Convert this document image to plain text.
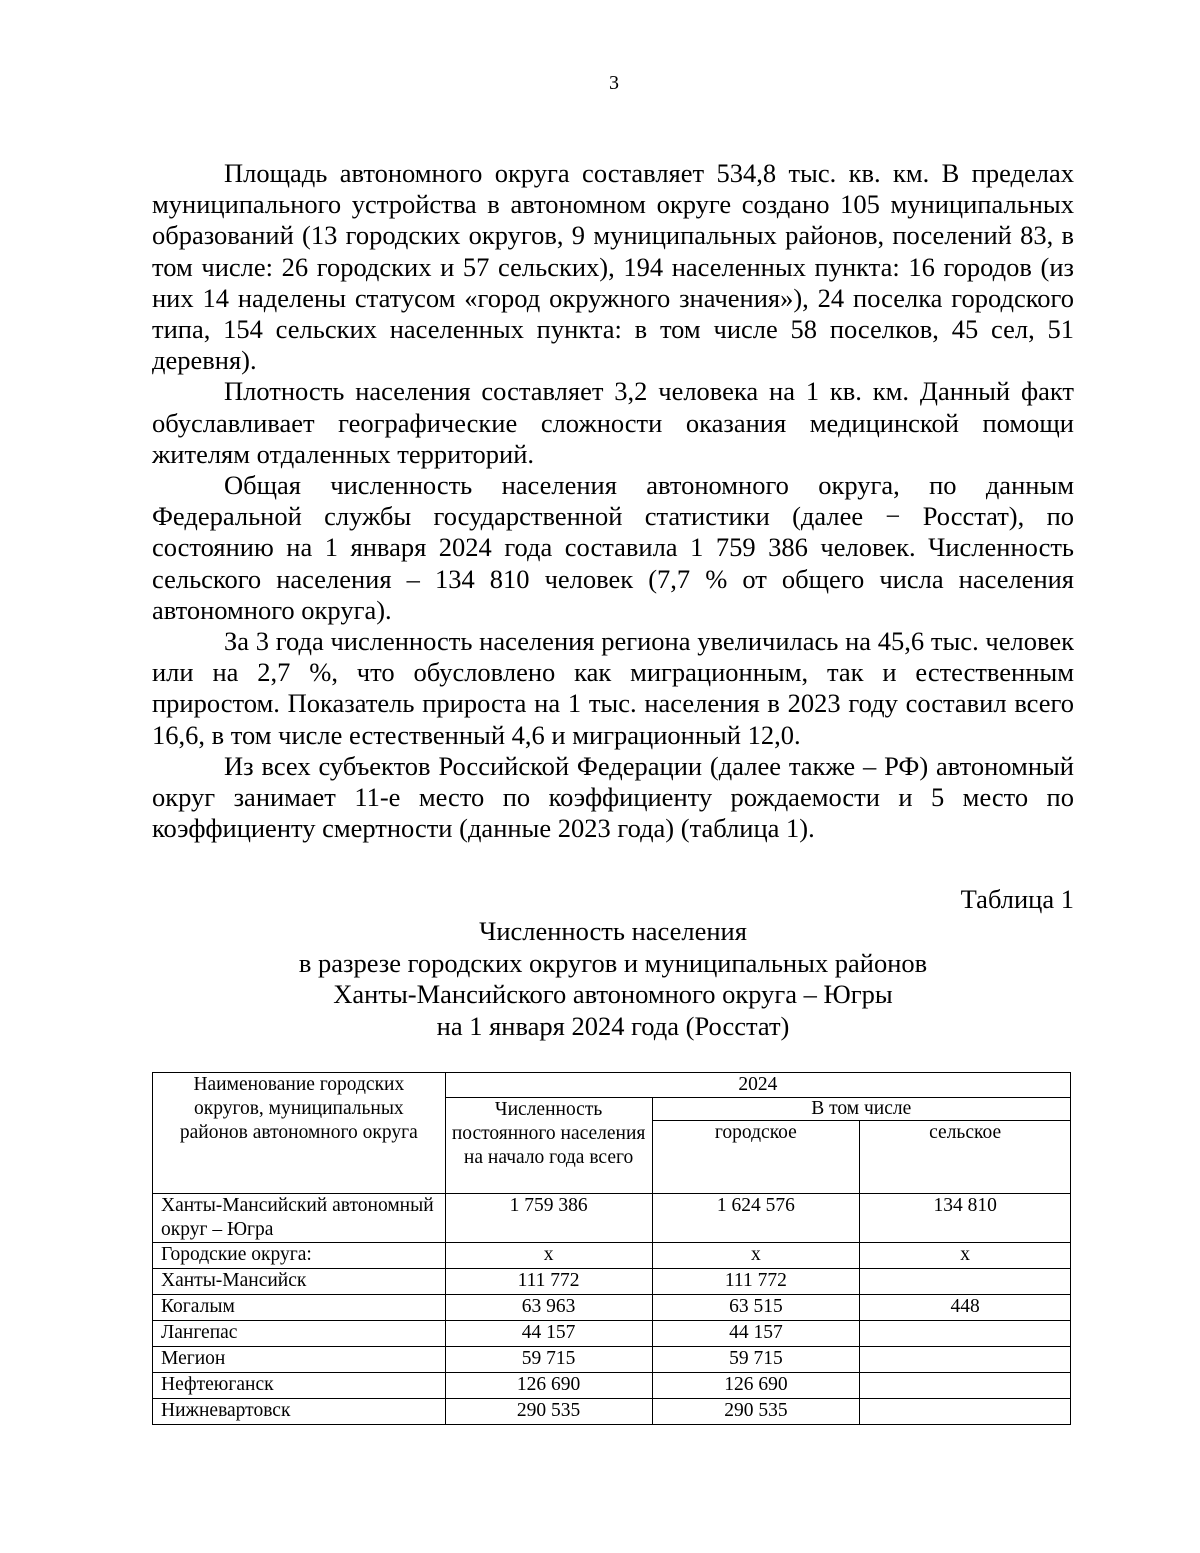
3

Площадь автономного округа составляет 534,8 тыс. кв. км. В пределах муниципального устройства в автономном округе создано 105 муниципальных образований (13 городских округов, 9 муниципальных районов, поселений 83, в том числе: 26 городских и 57 сельских), 194 населенных пункта: 16 городов (из них 14 наделены статусом «город окружного значения»), 24 поселка городского типа, 154 сельских населенных пункта: в том числе 58 поселков, 45 сел, 51 деревня).

Плотность населения составляет 3,2 человека на 1 кв. км. Данный факт обуславливает географические сложности оказания медицинской помощи жителям отдаленных территорий.

Общая численность населения автономного округа, по данным Федеральной службы государственной статистики (далее − Росстат), по состоянию на 1 января 2024 года составила 1 759 386 человек. Численность сельского населения – 134 810 человек (7,7 % от общего числа населения автономного округа).

За 3 года численность населения региона увеличилась на 45,6 тыс. человек или на 2,7 %, что обусловлено как миграционным, так и естественным приростом. Показатель прироста на 1 тыс. населения в 2023 году составил всего 16,6, в том числе естественный 4,6 и миграционный 12,0.

Из всех субъектов Российской Федерации (далее также – РФ) автономный округ занимает 11-е место по коэффициенту рождаемости и 5 место по коэффициенту смертности (данные 2023 года) (таблица 1).

Таблица 1
Численность населения
в разрезе городских округов и муниципальных районов
Ханты-Мансийского автономного округа – Югры
на 1 января 2024 года (Росстат)
Наименование городских округов, муниципальных районов автономного округа	2024		
	Численность постоянного населения на начало года всего	В том числе	
		городское	сельское
Ханты-Мансийский автономный округ – Югра	1 759 386	1 624 576	134 810
Городские округа:	х	х	х
Ханты-Мансийск	111 772	111 772	
Когалым	63 963	63 515	448
Лангепас	44 157	44 157	
Мегион	59 715	59 715	
Нефтеюганск	126 690	126 690	
Нижневартовск	290 535	290 535	
